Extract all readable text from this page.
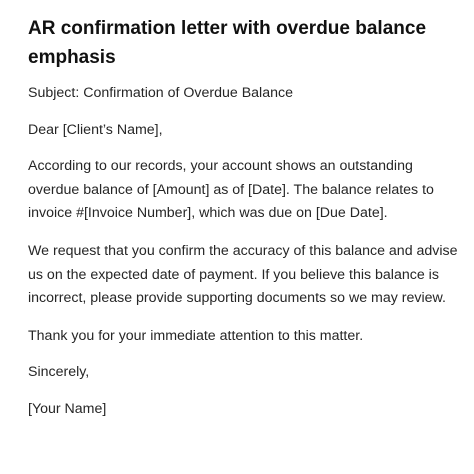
AR confirmation letter with overdue balance emphasis

Subject: Confirmation of Overdue Balance

Dear [Client’s Name],

According to our records, your account shows an outstanding overdue balance of [Amount] as of [Date]. The balance relates to invoice #[Invoice Number], which was due on [Due Date].

We request that you confirm the accuracy of this balance and advise us on the expected date of payment. If you believe this balance is incorrect, please provide supporting documents so we may review.

Thank you for your immediate attention to this matter.

Sincerely,

[Your Name]
